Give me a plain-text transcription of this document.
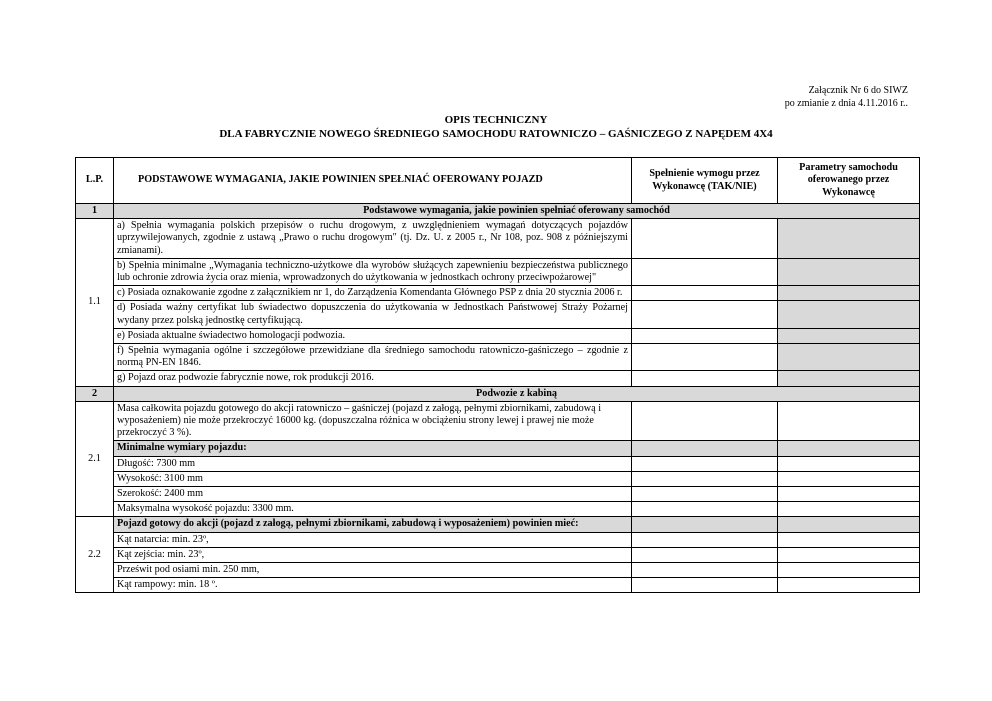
Załącznik Nr 6 do SIWZ
po zmianie z dnia 4.11.2016 r..
OPIS TECHNICZNY
DLA FABRYCZNIE NOWEGO ŚREDNIEGO SAMOCHODU RATOWNICZO – GAŚNICZEGO Z NAPĘDEM 4X4
L.P.	PODSTAWOWE WYMAGANIA, JAKIE POWINIEN SPEŁNIAĆ OFEROWANY POJAZD	Spełnienie wymogu przez Wykonawcę (TAK/NIE)	Parametry samochodu oferowanego przez Wykonawcę
1	Podstawowe wymagania, jakie powinien spełniać oferowany samochód		
1.1	a) Spełnia wymagania polskich przepisów o ruchu drogowym, z uwzględnieniem wymagań dotyczących pojazdów uprzywilejowanych, zgodnie z ustawą „Prawo o ruchu drogowym" (tj. Dz. U. z 2005 r., Nr 108, poz. 908 z późniejszymi zmianami).		
	b) Spełnia minimalne „Wymagania techniczno-użytkowe dla wyrobów służących zapewnieniu bezpieczeństwa publicznego lub ochronie zdrowia życia oraz mienia, wprowadzonych do użytkowania w jednostkach ochrony przeciwpożarowej"		
	c) Posiada oznakowanie zgodne z załącznikiem nr 1, do Zarządzenia Komendanta Głównego PSP z dnia 20 stycznia 2006 r.		
	d) Posiada ważny certyfikat lub świadectwo dopuszczenia do użytkowania w Jednostkach Państwowej Straży Pożarnej wydany przez polską jednostkę certyfikującą.		
	e) Posiada aktualne świadectwo homologacji podwozia.		
	f) Spełnia wymagania ogólne i szczegółowe przewidziane dla średniego samochodu ratowniczo-gaśniczego – zgodnie z normą PN-EN 1846.		
	g) Pojazd oraz podwozie fabrycznie nowe, rok produkcji 2016.		
2	Podwozie z kabiną		
2.1	Masa całkowita pojazdu gotowego do akcji ratowniczo – gaśniczej (pojazd z załogą, pełnymi zbiornikami, zabudową i wyposażeniem) nie może przekroczyć 16000 kg. (dopuszczalna różnica w obciążeniu strony lewej i prawej nie może przekroczyć 3 %).		
	Minimalne wymiary pojazdu:		
	Długość: 7300 mm		
	Wysokość: 3100 mm		
	Szerokość: 2400 mm		
	Maksymalna wysokość pojazdu: 3300 mm.		
2.2	Pojazd gotowy do akcji (pojazd z załogą, pełnymi zbiornikami, zabudową i wyposażeniem) powinien mieć:		
	Kąt natarcia: min. 23º,		
	Kąt zejścia: min. 23º,		
	Prześwit pod osiami min. 250 mm,		
	Kąt rampowy: min. 18 º.		
